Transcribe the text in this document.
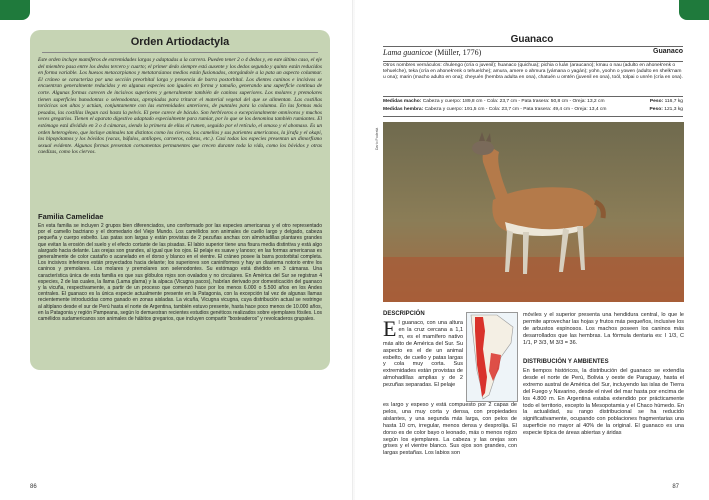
Orden Artiodactyla

Este orden incluye mamíferos de extremidades largas y adaptadas a la carrera. Pueden tener 2 o 4 dedos y, en este último caso, el eje del miembro pasa entre los dedos tercero y cuarto; el primer dedo siempre está ausente y los dedos segundo y quinto están reducidos en forma variable. Los huesos metacarpianos y metatarsianos medios están fusionados, otorgándole a la pata un aspecto columnar. El cráneo se caracteriza por una sección preorbital larga y presencia de barra postorbital. Los dientes caninos e incisivos se encuentran generalmente reducidos y en algunas especies son iguales en forma y tamaño, generando una superficie continua de corte. Algunas formas carecen de incisivos superiores y generalmente también de caninos superiores. Los molares y premolares tienen superficies bunodontas o selenodontas, apropiadas para triturar el material vegetal del que se alimentan. Las costillas torácicas son altas y actúan, conjuntamente con las extremidades anteriores, de puntales para la columna. En las formas más pesadas, las costillas llegan casi hasta la pelvis. El pene carece de báculo. Son herbívoros o excepcionalmente omnívoros y muchos veces gregarios. Tienen el aparato digestivo adaptado especialmente para rumiar, por lo que se los denomina también rumiantes. El estómago está dividido en 3 o 4 cámaras, siendo la primera de ellas el rumen, seguido por el retículo, el omaso y el abomaso. Es un orden heterogéneo, que incluye animales tan distintos como los ciervos, los camellos y sus parientes americanos, la jirafa y el okapi, los hipopótamos y los bóvidos (vacas, búfalos, antílopes, carneros, cabras, etc.). Casi todas las especies presentan un dimorfismo sexual evidente. Algunas formas presentan cornamentas permanentes que crecen durante toda la vida, como los bóvidos y otras caedizas, como los ciervos.

Familia Camelidae

En esta familia se incluyen 2 grupos bien diferenciados, uno conformado por las especies americanas y el otro representado por el camello bactriano y el dromedario del Viejo Mundo. Los camélidos son animales de cuello largo y delgado, cabeza pequeña y cuerpo esbelto. Las patas son largas y están provistas de 2 pezuñas anchas con almohadillas plantares grandes que evitan la erosión del suelo y el efecto cortante de las pisadas. El labio superior tiene una fisura media distintiva y está algo alargado hacia delante. Las orejas son grandes, al igual que los ojos. El pelaje es suave y lanoso; en las formas americanas es generalmente de color castaño o acanelado en el dorso y blanco en el vientre. El cráneo posee la barra postorbital completa. Los incisivos inferiores están proyectados hacia delante; los superiores son caniniformes y hay un diastema notorio entre los caninos y premolares. Los molares y premolares son selenodontes. Su estómago está dividido en 3 cámaras. Una característica única de esta familia es que sus glóbulos rojos son ovalados y no circulares. En América del Sur se registran 4 especies, 2 de las cuales, la llama (Lama glama) y la alpaca (Vicugna pacos), habrían derivado por domesticación del guanaco y la vicuña, respectivamente, a partir de un proceso que comenzó hace por los menos 6.000 o 5.500 años en los Andes centrales. El guanaco es la única especie actualmente presente en la Patagonia, con la excepción tal vez de algunas llamas recientemente introducidas como ganado en zonas aisladas. La vicuña, Vicugna vicugna, cuya distribución actual se restringe al altiplano desde el sur de Perú hasta el norte de Argentina, también estuvo presente, hasta hace poco menos de 10.000 años, en la Patagonia y región Pampeana, según lo demuestran recientes estudios genéticos realizados sobre ejemplares fósiles. Los camélidos sudamericanos son animales de hábitos gregarios, que incluyen compartir "bosteaderos" y revolcaderos grupales.

86
Guanaco
Lama guanicoe (Müller, 1776)	Guanaco

Otros nombres vernáculos: chulengo (cría o juvenil); huanaco (quichua); pichia o luán (araucano); kmau o nau (adulto en ahonek'enk o tehuelche), teka (cría en ahonek'enk o tehuelche); amura, amere o ahmura (yámana o yagán); yohn, yoohn o yowen (adulto en shelk'nam u ona); marin (macho adulto en ona); cheyuén (hembra adulta en ona), chatuén u omtén (juvenil en ona), toól, tolpai o unrén (cría en ona).

Medidas macho: Cabeza y cuerpo: 189,8 cm - Cola: 23,7 cm - Pata trasera: 50,8 cm - Oreja: 13,2 cm	Peso: 116,7 kg
Medidas hembra: Cabeza y cuerpo: 191,5 cm - Cola: 23,7 cm - Pata trasera: 49,4 cm - Oreja: 13,4 cm	Peso: 121,3 kg
Darío Podestá

DESCRIPCIÓN

El guanaco, con una altura en la cruz cercana a 1,1 m, es el mamífero nativo más alto de América del Sur. Su aspecto es el de un animal esbelto, de cuello y patas largas y cola muy corta. Sus extremidades están provistas de almohadillas amplias y de 2 pezuñas separadas. El pelaje
es largo y espeso y está compuesto por 2 capas de pelos, una muy corta y densa, con propiedades aislantes, y una segunda más larga, con pelos de hasta 10 cm, irregular, menos densa y desprolija. El dorso es de color bayo o leonado, más o menos rojizo según los ejemplares. La cabeza y las orejas son grises y el vientre blanco. Sus ojos son grandes, con largas pestañas. Los labios son
móviles y el superior presenta una hendidura central, lo que le permite aprovechar las hojas y frutos más pequeños, inclusive los de arbustos espinosos. Los machos poseen los caninos más desarrollados que las hembras. La fórmula dentaria es: I 1/3, C 1/1, P 3/3, M 3/3 = 36.

DISTRIBUCIÓN Y AMBIENTES

En tiempos históricos, la distribución del guanaco se extendía desde el norte de Perú, Bolivia y oeste de Paraguay, hasta el extremo austral de América del Sur, incluyendo las islas de Tierra del Fuego y Navarino, desde el nivel del mar hasta por encima de los 4.800 m. En Argentina estaba extendido por prácticamente todo el territorio, excepto la Mesopotamia y el Chaco húmedo. En la actualidad, su rango distribucional se ha reducido significativamente, ocupando con poblaciones fragmentarias una superficie no mayor al 40% de la original. El guanaco es una especie típica de áreas abiertas y áridas
87
